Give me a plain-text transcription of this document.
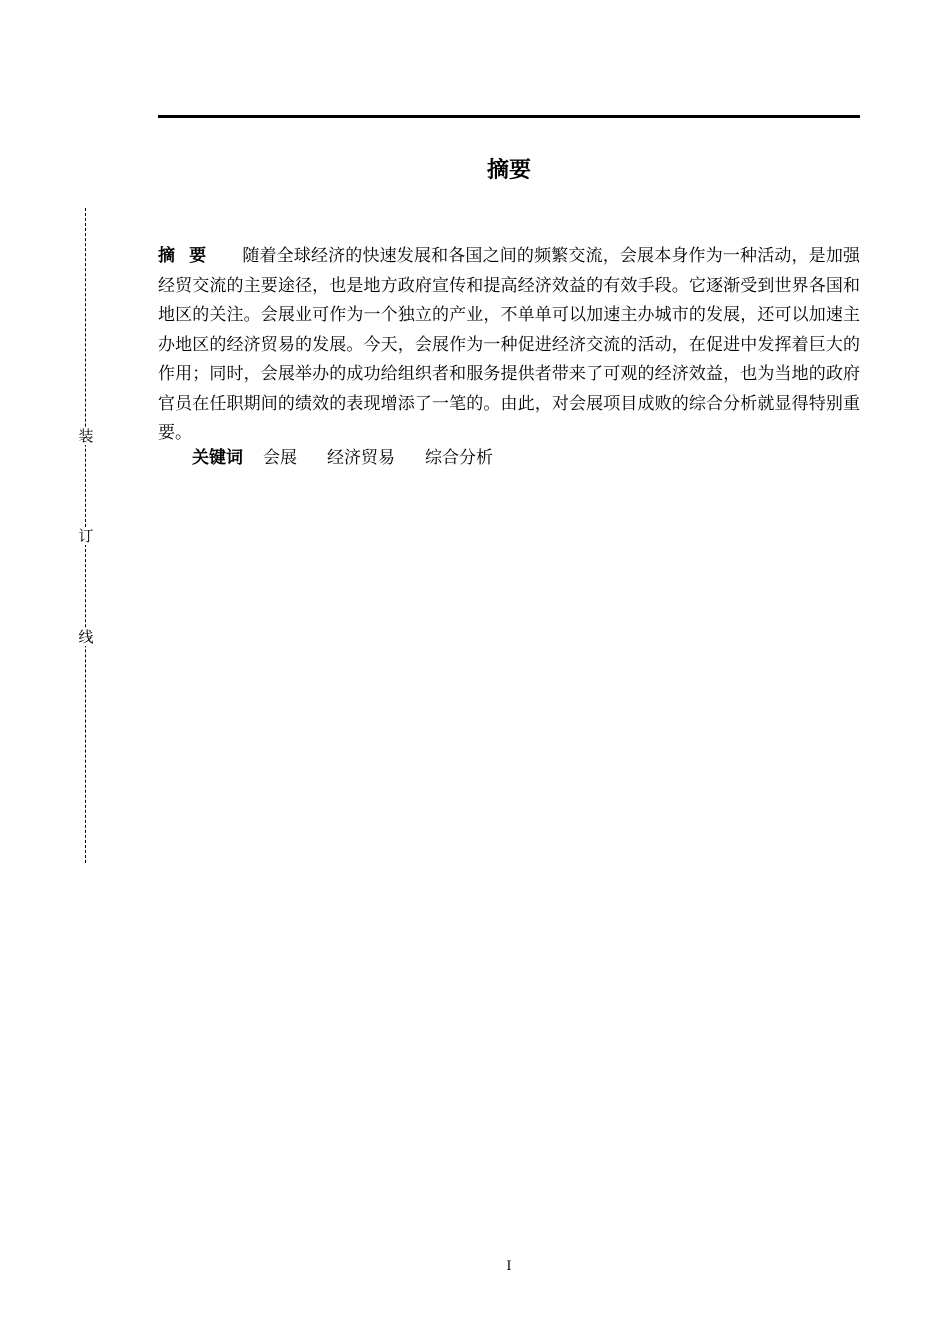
摘要
装
订
线

摘要 随着全球经济的快速发展和各国之间的频繁交流，会展本身作为一种活动，是加强经贸交流的主要途径，也是地方政府宣传和提高经济效益的有效手段。它逐渐受到世界各国和地区的关注。会展业可作为一个独立的产业，不单单可以加速主办城市的发展，还可以加速主办地区的经济贸易的发展。今天，会展作为一种促进经济交流的活动，在促进中发挥着巨大的作用；同时，会展举办的成功给组织者和服务提供者带来了可观的经济效益，也为当地的政府官员在任职期间的绩效的表现增添了一笔的。由此，对会展项目成败的综合分析就显得特别重要。

关键词 会展 经济贸易 综合分析

I
